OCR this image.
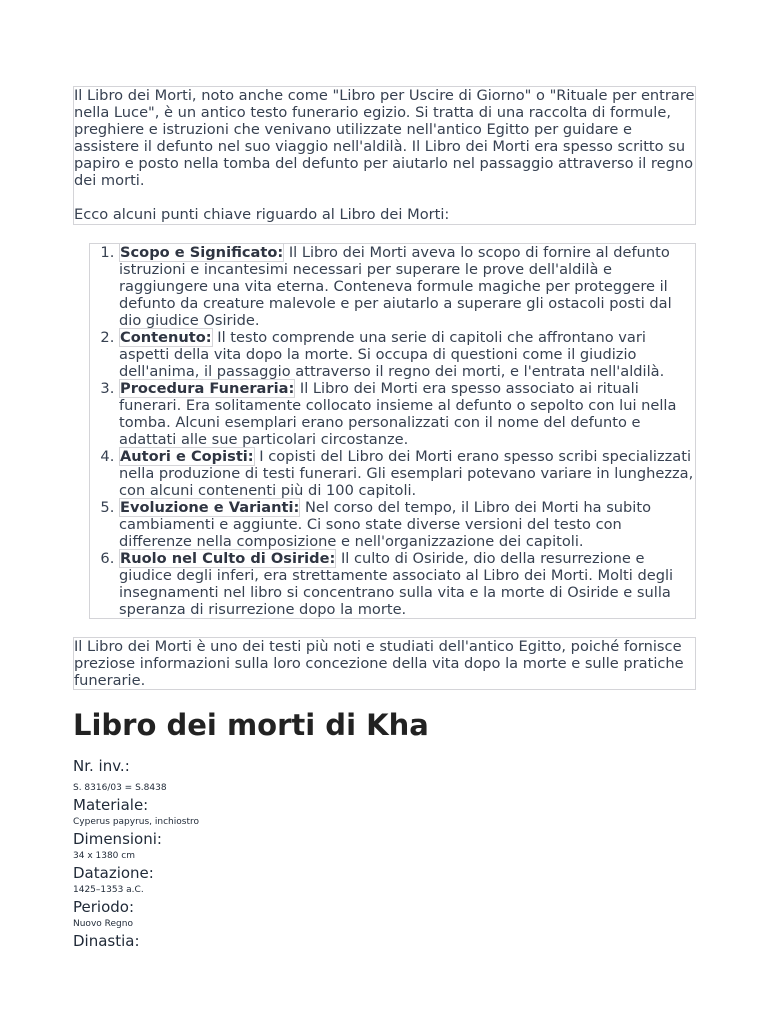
Il Libro dei Morti, noto anche come "Libro per Uscire di Giorno" o "Rituale per entrare nella Luce", è un antico testo funerario egizio. Si tratta di una raccolta di formule, preghiere e istruzioni che venivano utilizzate nell'antico Egitto per guidare e assistere il defunto nel suo viaggio nell'aldilà. Il Libro dei Morti era spesso scritto su papiro e posto nella tomba del defunto per aiutarlo nel passaggio attraverso il regno dei morti.

Ecco alcuni punti chiave riguardo al Libro dei Morti:

1. Scopo e Significato: Il Libro dei Morti aveva lo scopo di fornire al defunto istruzioni e incantesimi necessari per superare le prove dell'aldilà e raggiungere una vita eterna. Conteneva formule magiche per proteggere il defunto da creature malevole e per aiutarlo a superare gli ostacoli posti dal dio giudice Osiride.
2. Contenuto: Il testo comprende una serie di capitoli che affrontano vari aspetti della vita dopo la morte. Si occupa di questioni come il giudizio dell'anima, il passaggio attraverso il regno dei morti, e l'entrata nell'aldilà.
3. Procedura Funeraria: Il Libro dei Morti era spesso associato ai rituali funerari. Era solitamente collocato insieme al defunto o sepolto con lui nella tomba. Alcuni esemplari erano personalizzati con il nome del defunto e adattati alle sue particolari circostanze.
4. Autori e Copisti: I copisti del Libro dei Morti erano spesso scribi specializzati nella produzione di testi funerari. Gli esemplari potevano variare in lunghezza, con alcuni contenenti più di 100 capitoli.
5. Evoluzione e Varianti: Nel corso del tempo, il Libro dei Morti ha subito cambiamenti e aggiunte. Ci sono state diverse versioni del testo con differenze nella composizione e nell'organizzazione dei capitoli.
6. Ruolo nel Culto di Osiride: Il culto di Osiride, dio della resurrezione e giudice degli inferi, era strettamente associato al Libro dei Morti. Molti degli insegnamenti nel libro si concentrano sulla vita e la morte di Osiride e sulla speranza di risurrezione dopo la morte.

Il Libro dei Morti è uno dei testi più noti e studiati dell'antico Egitto, poiché fornisce preziose informazioni sulla loro concezione della vita dopo la morte e sulle pratiche funerarie.

Libro dei morti di Kha

Nr. inv.:

S. 8316/03 = S.8438

Materiale:

Cyperus papyrus, inchiostro

Dimensioni:

34 x 1380 cm

Datazione:

1425–1353 a.C.

Periodo:

Nuovo Regno

Dinastia:
